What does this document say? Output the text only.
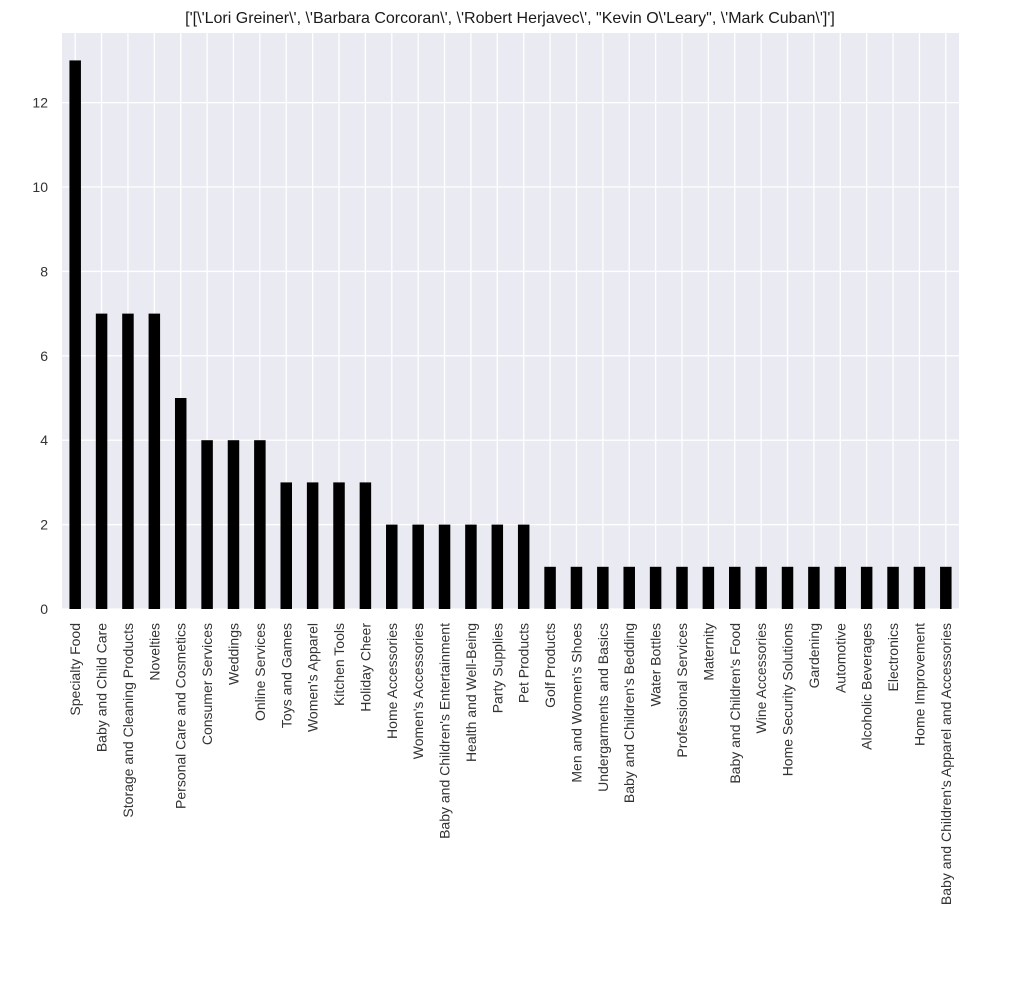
['[\'Lori Greiner\', \'Barbara Corcoran\', \'Robert Herjavec\', "Kevin O\'Leary", \'Mark Cuban\']']
0
2
4
6
8
10
12
Specialty Food Baby and Child Care Storage and Cleaning Products Novelties Personal Care and Cosmetics Consumer Services Weddings Online Services Toys and Games Women's Apparel Kitchen Tools Holiday Cheer Home Accessories Women's Accessories Baby and Children's Entertainment Health and Well-Being Party Supplies Pet Products Golf Products Men and Women's Shoes Undergarments and Basics Baby and Children's Bedding Water Bottles Professional Services Maternity Baby and Children's Food Wine Accessories Home Security Solutions Gardening Automotive Alcoholic Beverages Electronics Home Improvement Baby and Children's Apparel and Accessories
